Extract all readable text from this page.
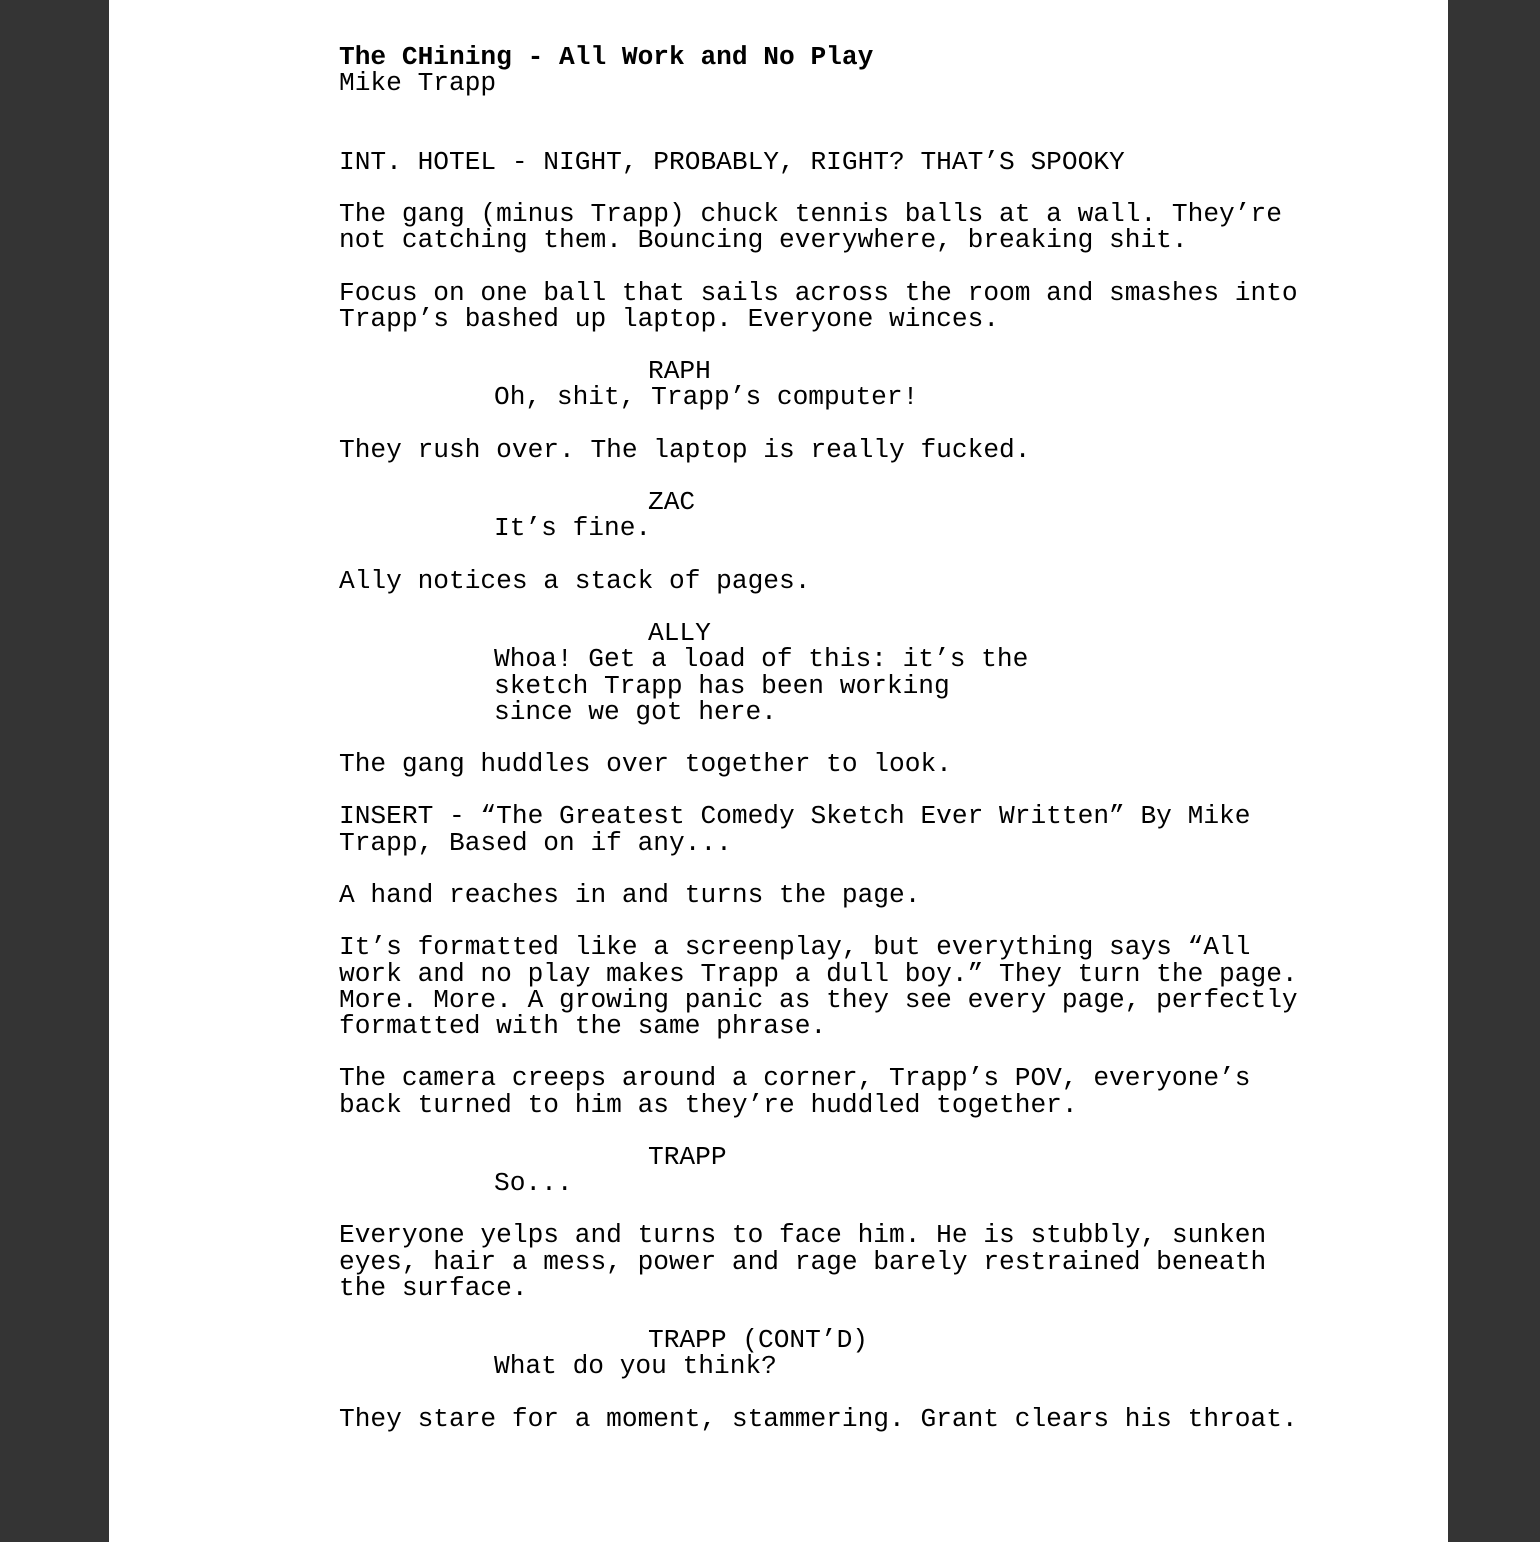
The CHining - All Work and No Play
Mike Trapp
INT. HOTEL - NIGHT, PROBABLY, RIGHT? THAT’S SPOOKY
The gang (minus Trapp) chuck tennis balls at a wall. They’re
not catching them. Bouncing everywhere, breaking shit.
Focus on one ball that sails across the room and smashes into
Trapp’s bashed up laptop. Everyone winces.
RAPH
Oh, shit, Trapp’s computer!
They rush over. The laptop is really fucked.
ZAC
It’s fine.
Ally notices a stack of pages.
ALLY
Whoa! Get a load of this: it’s the
sketch Trapp has been working
since we got here.
The gang huddles over together to look.
INSERT - “The Greatest Comedy Sketch Ever Written” By Mike
Trapp, Based on if any...
A hand reaches in and turns the page.
It’s formatted like a screenplay, but everything says “All
work and no play makes Trapp a dull boy.” They turn the page.
More. More. A growing panic as they see every page, perfectly
formatted with the same phrase.
The camera creeps around a corner, Trapp’s POV, everyone’s
back turned to him as they’re huddled together.
TRAPP
So...
Everyone yelps and turns to face him. He is stubbly, sunken
eyes, hair a mess, power and rage barely restrained beneath
the surface.
TRAPP (CONT’D)
What do you think?
They stare for a moment, stammering. Grant clears his throat.
